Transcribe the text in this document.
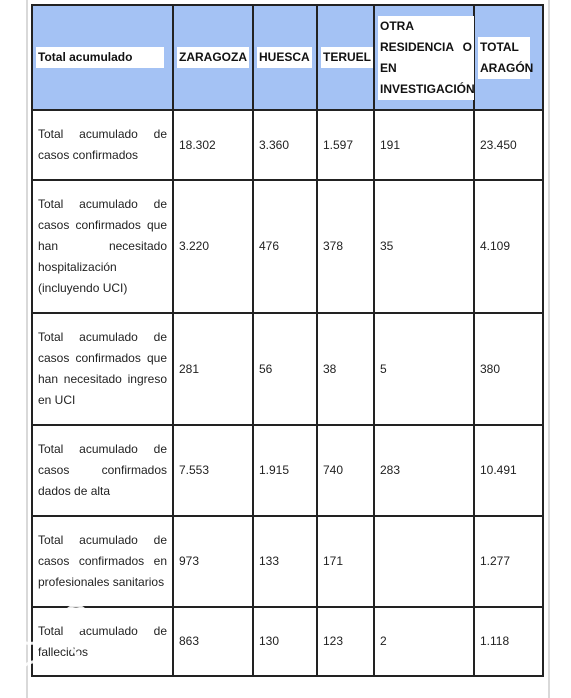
Total acumulado	ZARAGOZA	HUESCA	TERUEL	OTRA RESIDENCIA O EN INVESTIGACIÓN	TOTAL ARAGÓN
Total acumulado de casos confirmados	18.302	3.360	1.597	191	23.450
Total acumulado de casos confirmados que han necesitado hospitalización (incluyendo UCI)	3.220	476	378	35	4.109
Total acumulado de casos confirmados que han necesitado ingreso en UCI	281	56	38	5	380
Total acumulado de casos confirmados dados de alta	7.553	1.915	740	283	10.491
Total acumulado de casos confirmados en profesionales sanitarios	973	133	171		1.277
Total acumulado de fallecidos	863	130	123	2	1.118
